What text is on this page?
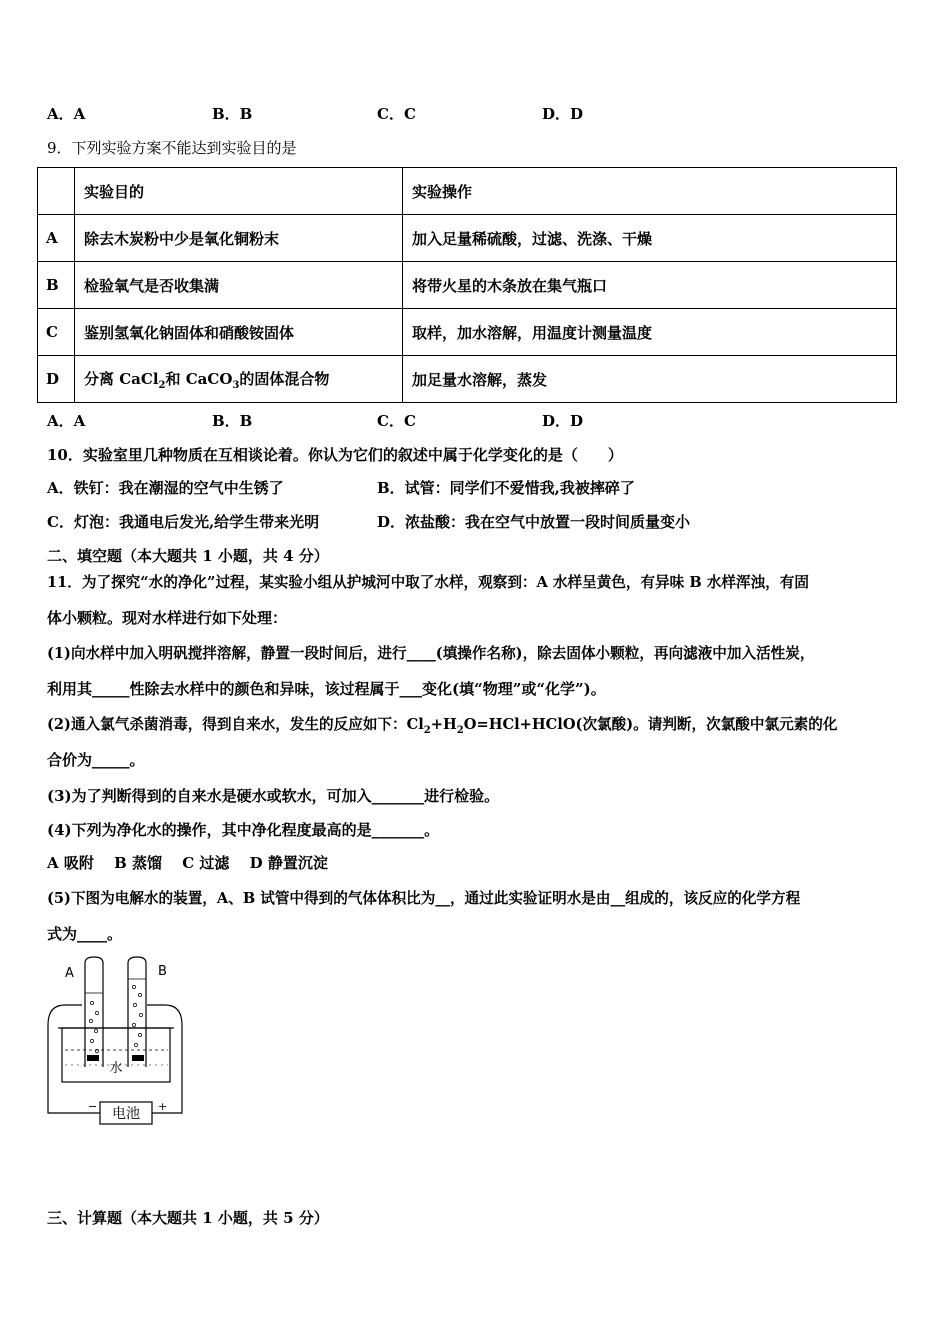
A．A	B．B	C．C	D．D
9．下列实验方案不能达到实验目的是
	实验目的	实验操作
A	除去木炭粉中少是氧化铜粉末	加入足量稀硫酸，过滤、洗涤、干燥
B	检验氧气是否收集满	将带火星的木条放在集气瓶口
C	鉴别氢氧化钠固体和硝酸铵固体	取样，加水溶解，用温度计测量温度
D	分离 CaCl$_2$和 CaCO$_3$的固体混合物	加足量水溶解，蒸发
A．A	B．B	C．C	D．D
10．实验室里几种物质在互相谈论着。你认为它们的叙述中属于化学变化的是（　　）
A．铁钉：我在潮湿的空气中生锈了	B．试管：同学们不爱惜我,我被摔碎了
C．灯泡：我通电后发光,给学生带来光明	D．浓盐酸：我在空气中放置一段时间质量变小
二、填空题（本大题共 1 小题，共 4 分）
11．为了探究“水的净化”过程，某实验小组从护城河中取了水样，观察到：A 水样呈黄色，有异味 B 水样浑浊，有固
体小颗粒。现对水样进行如下处理：
(1)向水样中加入明矾搅拌溶解，静置一段时间后，进行____(填操作名称)，除去固体小颗粒，再向滤液中加入活性炭，
利用其_____性除去水样中的颜色和异味，该过程属于___变化(填“物理”或“化学”)。
(2)通入氯气杀菌消毒，得到自来水，发生的反应如下：$Cl_2+H_2O=HCl+HClO$(次氯酸)。请判断，次氯酸中氯元素的化
合价为_____。
(3)为了判断得到的自来水是硬水或软水，可加入_______进行检验。
(4)下列为净化水的操作，其中净化程度最高的是_______。
A 吸附　 B 蒸馏　 C 过滤　 D 静置沉淀
(5)下图为电解水的装置，A、B 试管中得到的气体体积比为__，通过此实验证明水是由__组成的，该反应的化学方程
式为____。
电池
−	+
A	B
水
三、计算题（本大题共 1 小题，共 5 分）
